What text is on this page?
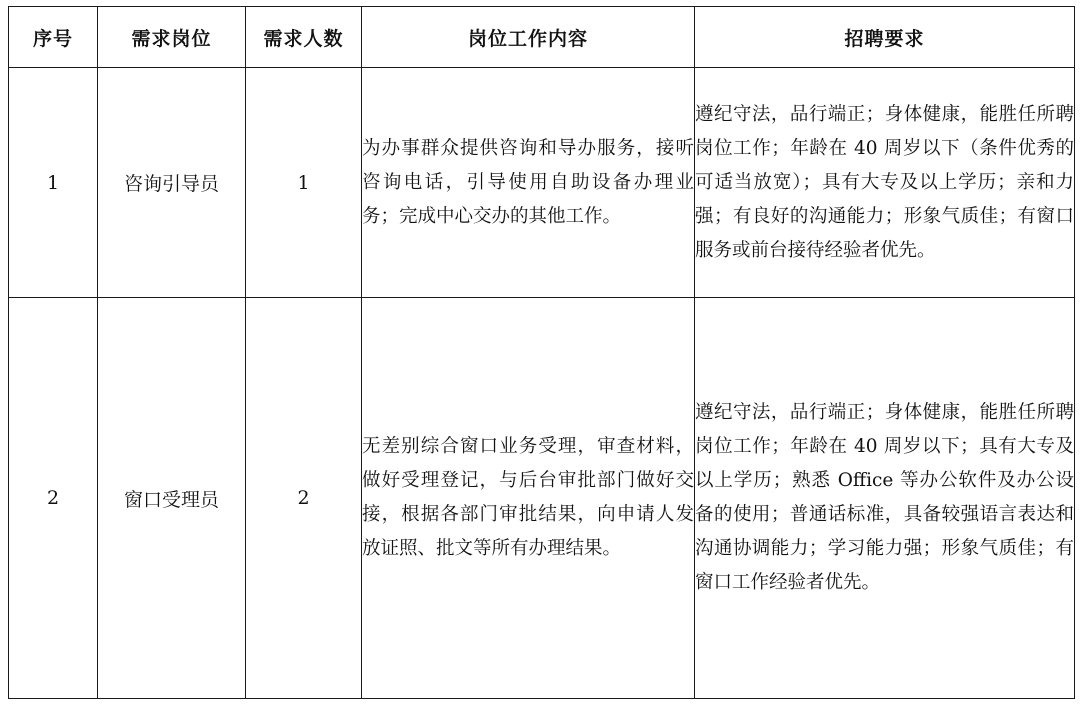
序号	需求岗位	需求人数	岗位工作内容	招聘要求
1	咨询引导员	1	为办事群众提供咨询和导办服务，接听咨询电话，引导使用自助设备办理业务；完成中心交办的其他工作。	遵纪守法，品行端正；身体健康，能胜任所聘岗位工作；年龄在 40 周岁以下（条件优秀的可适当放宽）；具有大专及以上学历；亲和力强；有良好的沟通能力；形象气质佳；有窗口服务或前台接待经验者优先。
2	窗口受理员	2	无差别综合窗口业务受理，审查材料，做好受理登记，与后台审批部门做好交接，根据各部门审批结果，向申请人发放证照、批文等所有办理结果。	遵纪守法，品行端正；身体健康，能胜任所聘岗位工作；年龄在 40 周岁以下；具有大专及以上学历；熟悉 Office 等办公软件及办公设备的使用；普通话标准，具备较强语言表达和沟通协调能力；学习能力强；形象气质佳；有窗口工作经验者优先。
